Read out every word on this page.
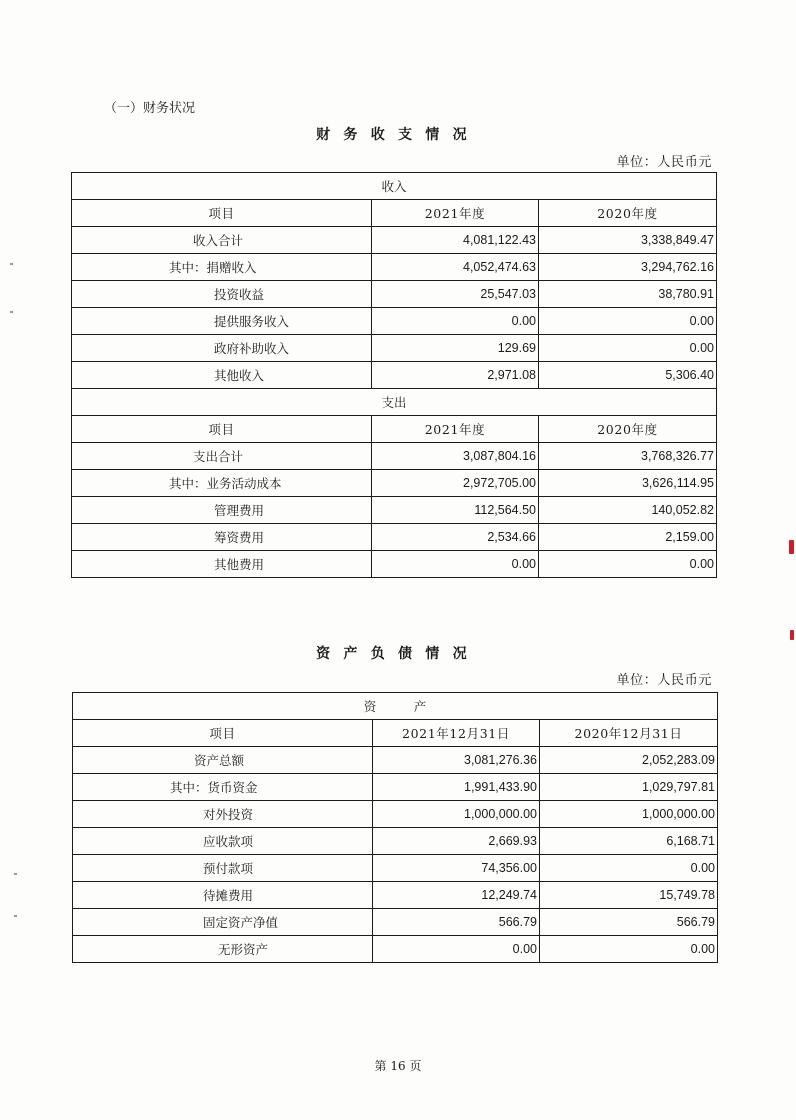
（一）财务状况
财务收支情况
单位：人民币元
收入		
项目	2021年度	2020年度
收入合计	4,081,122.43	3,338,849.47
其中：捐赠收入	4,052,474.63	3,294,762.16
投资收益	25,547.03	38,780.91
提供服务收入	0.00	0.00
政府补助收入	129.69	0.00
其他收入	2,971.08	5,306.40
支出		
项目	2021年度	2020年度
支出合计	3,087,804.16	3,768,326.77
其中：业务活动成本	2,972,705.00	3,626,114.95
管理费用	112,564.50	140,052.82
筹资费用	2,534.66	2,159.00
其他费用	0.00	0.00
资产负债情况
单位：人民币元
资　　　产		
项目	2021年12月31日	2020年12月31日
资产总额	3,081,276.36	2,052,283.09
其中：货币资金	1,991,433.90	1,029,797.81
对外投资	1,000,000.00	1,000,000.00
应收款项	2,669.93	6,168.71
预付款项	74,356.00	0.00
待摊费用	12,249.74	15,749.78
固定资产净值	566.79	566.79
无形资产	0.00	0.00
第 16 页
